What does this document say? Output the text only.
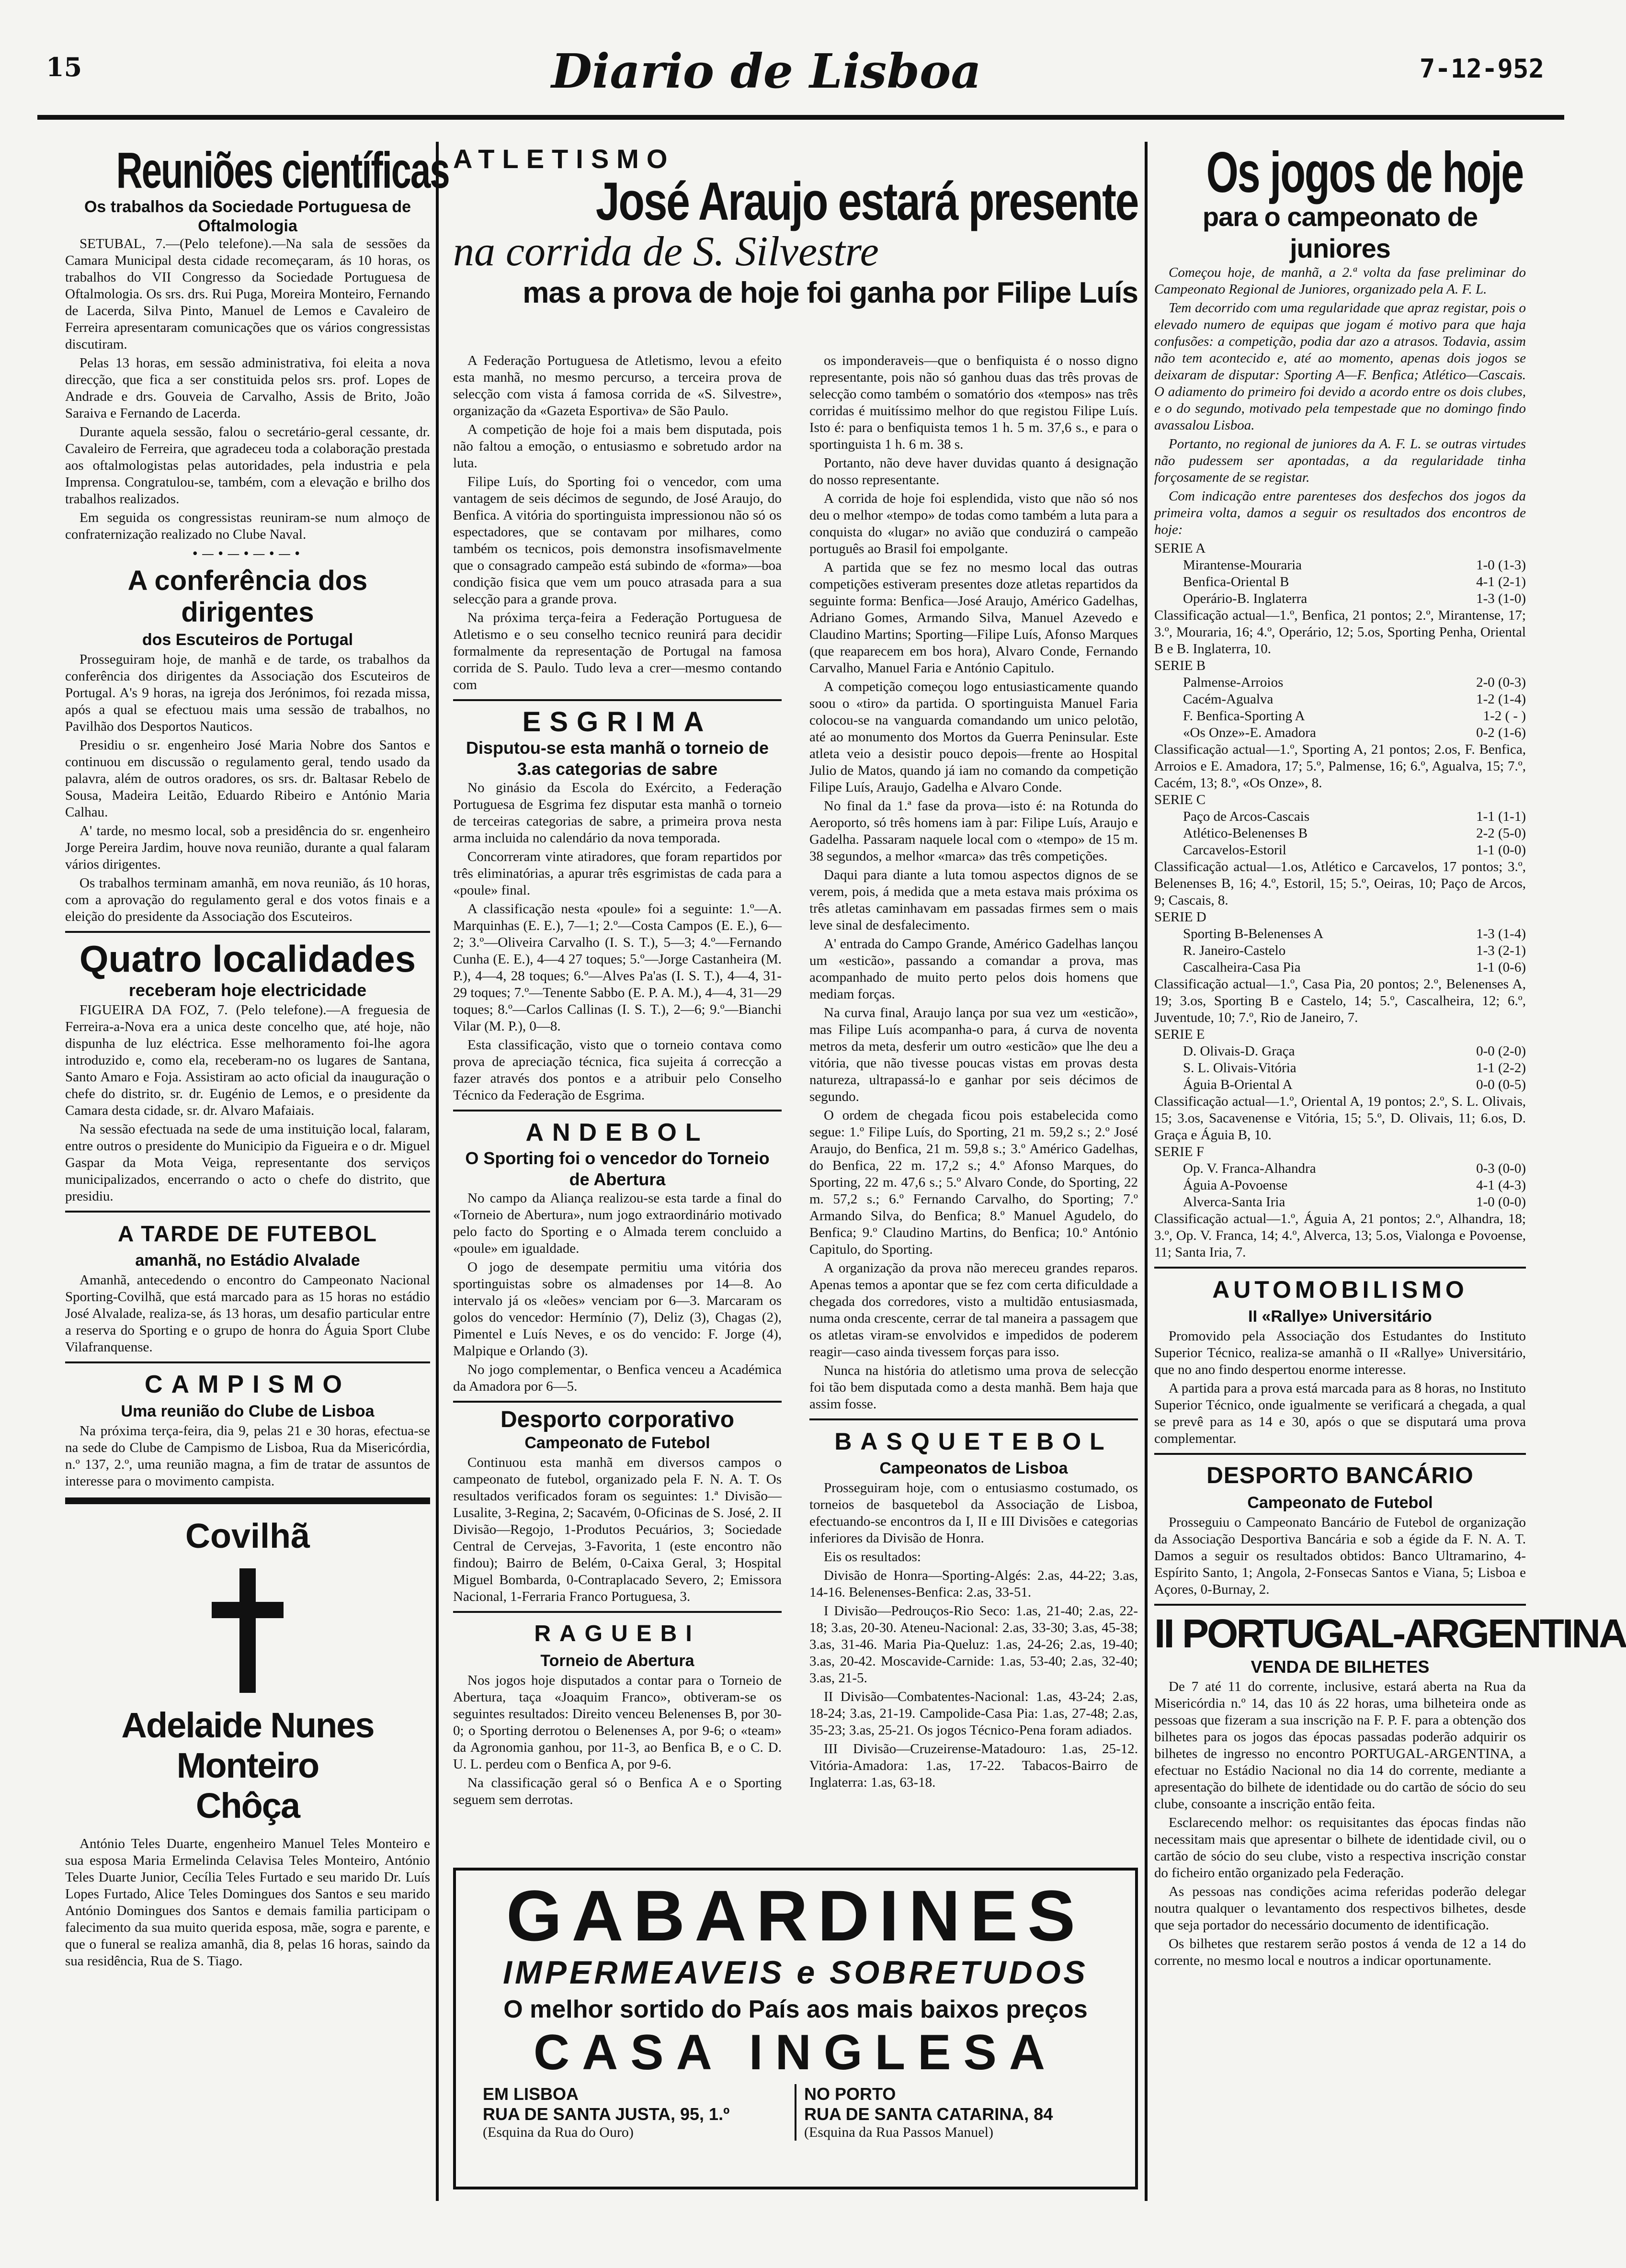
15	Diario de Lisboa	7-12-952
Reuniões científicas
Os trabalhos da Sociedade Portuguesa de Oftalmologia

SETUBAL, 7.—(Pelo telefone).—Na sala de sessões da Camara Municipal desta cidade recomeçaram, ás 10 horas, os trabalhos do VII Congresso da Sociedade Portuguesa de Oftalmologia. Os srs. drs. Rui Puga, Moreira Monteiro, Fernando de Lacerda, Silva Pinto, Manuel de Lemos e Cavaleiro de Ferreira apresentaram comunicações que os vários congressistas discutiram.

Pelas 13 horas, em sessão administrativa, foi eleita a nova direcção, que fica a ser constituida pelos srs. prof. Lopes de Andrade e drs. Gouveia de Carvalho, Assis de Brito, João Saraiva e Fernando de Lacerda.

Durante aquela sessão, falou o secretário-geral cessante, dr. Cavaleiro de Ferreira, que agradeceu toda a colaboração prestada aos oftalmologistas pelas autoridades, pela industria e pela Imprensa. Congratulou-se, também, com a elevação e brilho dos trabalhos realizados.

Em seguida os congressistas reuniram-se num almoço de confraternização realizado no Clube Naval.

•—•—•—•—•
A conferência dos dirigentes
dos Escuteiros de Portugal

Prosseguiram hoje, de manhã e de tarde, os trabalhos da conferência dos dirigentes da Associação dos Escuteiros de Portugal. A's 9 horas, na igreja dos Jerónimos, foi rezada missa, após a qual se efectuou mais uma sessão de trabalhos, no Pavilhão dos Desportos Nauticos.

Presidiu o sr. engenheiro José Maria Nobre dos Santos e continuou em discussão o regulamento geral, tendo usado da palavra, além de outros oradores, os srs. dr. Baltasar Rebelo de Sousa, Madeira Leitão, Eduardo Ribeiro e António Maria Calhau.

A' tarde, no mesmo local, sob a presidência do sr. engenheiro Jorge Pereira Jardim, houve nova reunião, durante a qual falaram vários dirigentes.

Os trabalhos terminam amanhã, em nova reunião, ás 10 horas, com a aprovação do regulamento geral e dos votos finais e a eleição do presidente da Associação dos Escuteiros.

Quatro localidades
receberam hoje electricidade

FIGUEIRA DA FOZ, 7. (Pelo telefone).—A freguesia de Ferreira-a-Nova era a unica deste concelho que, até hoje, não dispunha de luz eléctrica. Esse melhoramento foi-lhe agora introduzido e, como ela, receberam-no os lugares de Santana, Santo Amaro e Foja. Assistiram ao acto oficial da inauguração o chefe do distrito, sr. dr. Eugénio de Lemos, e o presidente da Camara desta cidade, sr. dr. Alvaro Mafaiais.

Na sessão efectuada na sede de uma instituição local, falaram, entre outros o presidente do Municipio da Figueira e o dr. Miguel Gaspar da Mota Veiga, representante dos serviços municipalizados, encerrando o acto o chefe do distrito, que presidiu.

A TARDE DE FUTEBOL
amanhã, no Estádio Alvalade

Amanhã, antecedendo o encontro do Campeonato Nacional Sporting-Covilhã, que está marcado para as 15 horas no estádio José Alvalade, realiza-se, ás 13 horas, um desafio particular entre a reserva do Sporting e o grupo de honra do Águia Sport Clube Vilafranquense.

CAMPISMO
Uma reunião do Clube de Lisboa

Na próxima terça-feira, dia 9, pelas 21 e 30 horas, efectua-se na sede do Clube de Campismo de Lisboa, Rua da Misericórdia, n.º 137, 2.º, uma reunião magna, a fim de tratar de assuntos de interesse para o movimento campista.

Covilhã
Adelaide Nunes Monteiro
Chôça

António Teles Duarte, engenheiro Manuel Teles Monteiro e sua esposa Maria Ermelinda Celavisa Teles Monteiro, António Teles Duarte Junior, Cecília Teles Furtado e seu marido Dr. Luís Lopes Furtado, Alice Teles Domingues dos Santos e seu marido António Domingues dos Santos e demais familia participam o falecimento da sua muito querida esposa, mãe, sogra e parente, e que o funeral se realiza amanhã, dia 8, pelas 16 horas, saindo da sua residência, Rua de S. Tiago.

ATLETISMO
José Araujo estará presente
na corrida de S. Silvestre
mas a prova de hoje foi ganha por Filipe Luís

A Federação Portuguesa de Atletismo, levou a efeito esta manhã, no mesmo percurso, a terceira prova de selecção com vista á famosa corrida de «S. Silvestre», organização da «Gazeta Esportiva» de São Paulo.

A competição de hoje foi a mais bem disputada, pois não faltou a emoção, o entusiasmo e sobretudo ardor na luta.

Filipe Luís, do Sporting foi o vencedor, com uma vantagem de seis décimos de segundo, de José Araujo, do Benfica. A vitória do sportinguista impressionou não só os espectadores, que se contavam por milhares, como também os tecnicos, pois demonstra insofismavelmente que o consagrado campeão está subindo de «forma»—boa condição fisica que vem um pouco atrasada para a sua selecção para a grande prova.

Na próxima terça-feira a Federação Portuguesa de Atletismo e o seu conselho tecnico reunirá para decidir formalmente da representação de Portugal na famosa corrida de S. Paulo. Tudo leva a crer—mesmo contando com

ESGRIMA
Disputou-se esta manhã o torneio de 3.as categorias de sabre

No ginásio da Escola do Exército, a Federação Portuguesa de Esgrima fez disputar esta manhã o torneio de terceiras categorias de sabre, a primeira prova nesta arma incluida no calendário da nova temporada.

Concorreram vinte atiradores, que foram repartidos por três eliminatórias, a apurar três esgrimistas de cada para a «poule» final.

A classificação nesta «poule» foi a seguinte: 1.º—A. Marquinhas (E. E.), 7—1; 2.º—Costa Campos (E. E.), 6—2; 3.º—Oliveira Carvalho (I. S. T.), 5—3; 4.º—Fernando Cunha (E. E.), 4—4 27 toques; 5.º—Jorge Castanheira (M. P.), 4—4, 28 toques; 6.º—Alves Pa'as (I. S. T.), 4—4, 31-29 toques; 7.º—Tenente Sabbo (E. P. A. M.), 4—4, 31—29 toques; 8.º—Carlos Callinas (I. S. T.), 2—6; 9.º—Bianchi Vilar (M. P.), 0—8.

Esta classificação, visto que o torneio contava como prova de apreciação técnica, fica sujeita á correcção a fazer através dos pontos e a atribuir pelo Conselho Técnico da Federação de Esgrima.

ANDEBOL
O Sporting foi o vencedor do Torneio de Abertura

No campo da Aliança realizou-se esta tarde a final do «Torneio de Abertura», num jogo extraordinário motivado pelo facto do Sporting e o Almada terem concluido a «poule» em igualdade.

O jogo de desempate permitiu uma vitória dos sportinguistas sobre os almadenses por 14—8. Ao intervalo já os «leões» venciam por 6—3. Marcaram os golos do vencedor: Hermínio (7), Deliz (3), Chagas (2), Pimentel e Luís Neves, e os do vencido: F. Jorge (4), Malpique e Orlando (3).

No jogo complementar, o Benfica venceu a Académica da Amadora por 6—5.

Desporto corporativo
Campeonato de Futebol

Continuou esta manhã em diversos campos o campeonato de futebol, organizado pela F. N. A. T. Os resultados verificados foram os seguintes: 1.ª Divisão—Lusalite, 3-Regina, 2; Sacavém, 0-Oficinas de S. José, 2. II Divisão—Regojo, 1-Produtos Pecuários, 3; Sociedade Central de Cervejas, 3-Favorita, 1 (este encontro não findou); Bairro de Belém, 0-Caixa Geral, 3; Hospital Miguel Bombarda, 0-Contraplacado Severo, 2; Emissora Nacional, 1-Ferraria Franco Portuguesa, 3.

RAGUEBI
Torneio de Abertura

Nos jogos hoje disputados a contar para o Torneio de Abertura, taça «Joaquim Franco», obtiveram-se os seguintes resultados: Direito venceu Belenenses B, por 30-0; o Sporting derrotou o Belenenses A, por 9-6; o «team» da Agronomia ganhou, por 11-3, ao Benfica B, e o C. D. U. L. perdeu com o Benfica A, por 9-6.

Na classificação geral só o Benfica A e o Sporting seguem sem derrotas.

os imponderaveis—que o benfiquista é o nosso digno representante, pois não só ganhou duas das três provas de selecção como também o somatório dos «tempos» nas três corridas é muitíssimo melhor do que registou Filipe Luís. Isto é: para o benfiquista temos 1 h. 5 m. 37,6 s., e para o sportinguista 1 h. 6 m. 38 s.

Portanto, não deve haver duvidas quanto á designação do nosso representante.

A corrida de hoje foi esplendida, visto que não só nos deu o melhor «tempo» de todas como também a luta para a conquista do «lugar» no avião que conduzirá o campeão português ao Brasil foi empolgante.

A partida que se fez no mesmo local das outras competições estiveram presentes doze atletas repartidos da seguinte forma: Benfica—José Araujo, Américo Gadelhas, Adriano Gomes, Armando Silva, Manuel Azevedo e Claudino Martins; Sporting—Filipe Luís, Afonso Marques (que reaparecem em bos hora), Alvaro Conde, Fernando Carvalho, Manuel Faria e António Capitulo.

A competição começou logo entusiasticamente quando soou o «tiro» da partida. O sportinguista Manuel Faria colocou-se na vanguarda comandando um unico pelotão, até ao monumento dos Mortos da Guerra Peninsular. Este atleta veio a desistir pouco depois—frente ao Hospital Julio de Matos, quando já iam no comando da competição Filipe Luís, Araujo, Gadelha e Alvaro Conde.

No final da 1.ª fase da prova—isto é: na Rotunda do Aeroporto, só três homens iam à par: Filipe Luís, Araujo e Gadelha. Passaram naquele local com o «tempo» de 15 m. 38 segundos, a melhor «marca» das três competições.

Daqui para diante a luta tomou aspectos dignos de se verem, pois, á medida que a meta estava mais próxima os três atletas caminhavam em passadas firmes sem o mais leve sinal de desfalecimento.

A' entrada do Campo Grande, Américo Gadelhas lançou um «esticão», passando a comandar a prova, mas acompanhado de muito perto pelos dois homens que mediam forças.

Na curva final, Araujo lança por sua vez um «esticão», mas Filipe Luís acompanha-o para, á curva de noventa metros da meta, desferir um outro «esticão» que lhe deu a vitória, que não tivesse poucas vistas em provas desta natureza, ultrapassá-lo e ganhar por seis décimos de segundo.

O ordem de chegada ficou pois estabelecida como segue: 1.º Filipe Luís, do Sporting, 21 m. 59,2 s.; 2.º José Araujo, do Benfica, 21 m. 59,8 s.; 3.º Américo Gadelhas, do Benfica, 22 m. 17,2 s.; 4.º Afonso Marques, do Sporting, 22 m. 47,6 s.; 5.º Alvaro Conde, do Sporting, 22 m. 57,2 s.; 6.º Fernando Carvalho, do Sporting; 7.º Armando Silva, do Benfica; 8.º Manuel Agudelo, do Benfica; 9.º Claudino Martins, do Benfica; 10.º António Capitulo, do Sporting.

A organização da prova não mereceu grandes reparos. Apenas temos a apontar que se fez com certa dificuldade a chegada dos corredores, visto a multidão entusiasmada, numa onda crescente, cerrar de tal maneira a passagem que os atletas viram-se envolvidos e impedidos de poderem reagir—caso ainda tivessem forças para isso.

Nunca na história do atletismo uma prova de selecção foi tão bem disputada como a desta manhã. Bem haja que assim fosse.

BASQUETEBOL
Campeonatos de Lisboa

Prosseguiram hoje, com o entusiasmo costumado, os torneios de basquetebol da Associação de Lisboa, efectuando-se encontros da I, II e III Divisões e categorias inferiores da Divisão de Honra.

Eis os resultados:

Divisão de Honra—Sporting-Algés: 2.as, 44-22; 3.as, 14-16. Belenenses-Benfica: 2.as, 33-51.

I Divisão—Pedrouços-Rio Seco: 1.as, 21-40; 2.as, 22-18; 3.as, 20-30. Ateneu-Nacional: 2.as, 33-30; 3.as, 45-38; 3.as, 31-46. Maria Pia-Queluz: 1.as, 24-26; 2.as, 19-40; 3.as, 20-42. Moscavide-Carnide: 1.as, 53-40; 2.as, 32-40; 3.as, 21-5.

II Divisão—Combatentes-Nacional: 1.as, 43-24; 2.as, 18-24; 3.as, 21-19. Campolide-Casa Pia: 1.as, 27-48; 2.as, 35-23; 3.as, 25-21. Os jogos Técnico-Pena foram adiados.

III Divisão—Cruzeirense-Matadouro: 1.as, 25-12. Vitória-Amadora: 1.as, 17-22. Tabacos-Bairro de Inglaterra: 1.as, 63-18.

Os jogos de hoje
para o campeonato de juniores

Começou hoje, de manhã, a 2.ª volta da fase preliminar do Campeonato Regional de Juniores, organizado pela A. F. L.

Tem decorrido com uma regularidade que apraz registar, pois o elevado numero de equipas que jogam é motivo para que haja confusões: a competição, podia dar azo a atrasos. Todavia, assim não tem acontecido e, até ao momento, apenas dois jogos se deixaram de disputar: Sporting A—F. Benfica; Atlético—Cascais. O adiamento do primeiro foi devido a acordo entre os dois clubes, e o do segundo, motivado pela tempestade que no domingo findo avassalou Lisboa.

Portanto, no regional de juniores da A. F. L. se outras virtudes não pudessem ser apontadas, a da regularidade tinha forçosamente de se registar.

Com indicação entre parenteses dos desfechos dos jogos da primeira volta, damos a seguir os resultados dos encontros de hoje:

SERIE A
Mirantense-Mouraria	1-0 (1-3)
Benfica-Oriental B	4-1 (2-1)
Operário-B. Inglaterra	1-3 (1-0)
Classificação actual—1.º, Benfica, 21 pontos; 2.º, Mirantense, 17; 3.º, Mouraria, 16; 4.º, Operário, 12; 5.os, Sporting Penha, Oriental B e B. Inglaterra, 10.
SERIE B
Palmense-Arroios	2-0 (0-3)
Cacém-Agualva	1-2 (1-4)
F. Benfica-Sporting A	1-2 ( - )
«Os Onze»-E. Amadora	0-2 (1-6)
Classificação actual—1.º, Sporting A, 21 pontos; 2.os, F. Benfica, Arroios e E. Amadora, 17; 5.º, Palmense, 16; 6.º, Agualva, 15; 7.º, Cacém, 13; 8.º, «Os Onze», 8.
SERIE C
Paço de Arcos-Cascais	1-1 (1-1)
Atlético-Belenenses B	2-2 (5-0)
Carcavelos-Estoril	1-1 (0-0)
Classificação actual—1.os, Atlético e Carcavelos, 17 pontos; 3.º, Belenenses B, 16; 4.º, Estoril, 15; 5.º, Oeiras, 10; Paço de Arcos, 9; Cascais, 8.
SERIE D
Sporting B-Belenenses A	1-3 (1-4)
R. Janeiro-Castelo	1-3 (2-1)
Cascalheira-Casa Pia	1-1 (0-6)
Classificação actual—1.º, Casa Pia, 20 pontos; 2.º, Belenenses A, 19; 3.os, Sporting B e Castelo, 14; 5.º, Cascalheira, 12; 6.º, Juventude, 10; 7.º, Rio de Janeiro, 7.
SERIE E
D. Olivais-D. Graça	0-0 (2-0)
S. L. Olivais-Vitória	1-1 (2-2)
Águia B-Oriental A	0-0 (0-5)
Classificação actual—1.º, Oriental A, 19 pontos; 2.º, S. L. Olivais, 15; 3.os, Sacavenense e Vitória, 15; 5.º, D. Olivais, 11; 6.os, D. Graça e Águia B, 10.
SERIE F
Op. V. Franca-Alhandra	0-3 (0-0)
Águia A-Povoense	4-1 (4-3)
Alverca-Santa Iria	1-0 (0-0)
Classificação actual—1.º, Águia A, 21 pontos; 2.º, Alhandra, 18; 3.º, Op. V. Franca, 14; 4.º, Alverca, 13; 5.os, Vialonga e Povoense, 11; Santa Iria, 7.
AUTOMOBILISMO
II «Rallye» Universitário

Promovido pela Associação dos Estudantes do Instituto Superior Técnico, realiza-se amanhã o II «Rallye» Universitário, que no ano findo despertou enorme interesse.

A partida para a prova está marcada para as 8 horas, no Instituto Superior Técnico, onde igualmente se verificará a chegada, a qual se prevê para as 14 e 30, após o que se disputará uma prova complementar.

DESPORTO BANCÁRIO
Campeonato de Futebol

Prosseguiu o Campeonato Bancário de Futebol de organização da Associação Desportiva Bancária e sob a égide da F. N. A. T. Damos a seguir os resultados obtidos: Banco Ultramarino, 4-Espírito Santo, 1; Angola, 2-Fonsecas Santos e Viana, 5; Lisboa e Açores, 0-Burnay, 2.

II PORTUGAL-ARGENTINA
VENDA DE BILHETES

De 7 até 11 do corrente, inclusive, estará aberta na Rua da Misericórdia n.º 14, das 10 ás 22 horas, uma bilheteira onde as pessoas que fizeram a sua inscrição na F. P. F. para a obtenção dos bilhetes para os jogos das épocas passadas poderão adquirir os bilhetes de ingresso no encontro PORTUGAL-ARGENTINA, a efectuar no Estádio Nacional no dia 14 do corrente, mediante a apresentação do bilhete de identidade ou do cartão de sócio do seu clube, consoante a inscrição então feita.

Esclarecendo melhor: os requisitantes das épocas findas não necessitam mais que apresentar o bilhete de identidade civil, ou o cartão de sócio do seu clube, visto a respectiva inscrição constar do ficheiro então organizado pela Federação.

As pessoas nas condições acima referidas poderão delegar noutra qualquer o levantamento dos respectivos bilhetes, desde que seja portador do necessário documento de identificação.

Os bilhetes que restarem serão postos á venda de 12 a 14 do corrente, no mesmo local e noutros a indicar oportunamente.

GABARDINES
IMPERMEAVEIS e SOBRETUDOS
O melhor sortido do País aos mais baixos preços
CASA INGLESA
EM LISBOA
RUA DE SANTA JUSTA, 95, 1.º
(Esquina da Rua do Ouro)
NO PORTO
RUA DE SANTA CATARINA, 84
(Esquina da Rua Passos Manuel)
